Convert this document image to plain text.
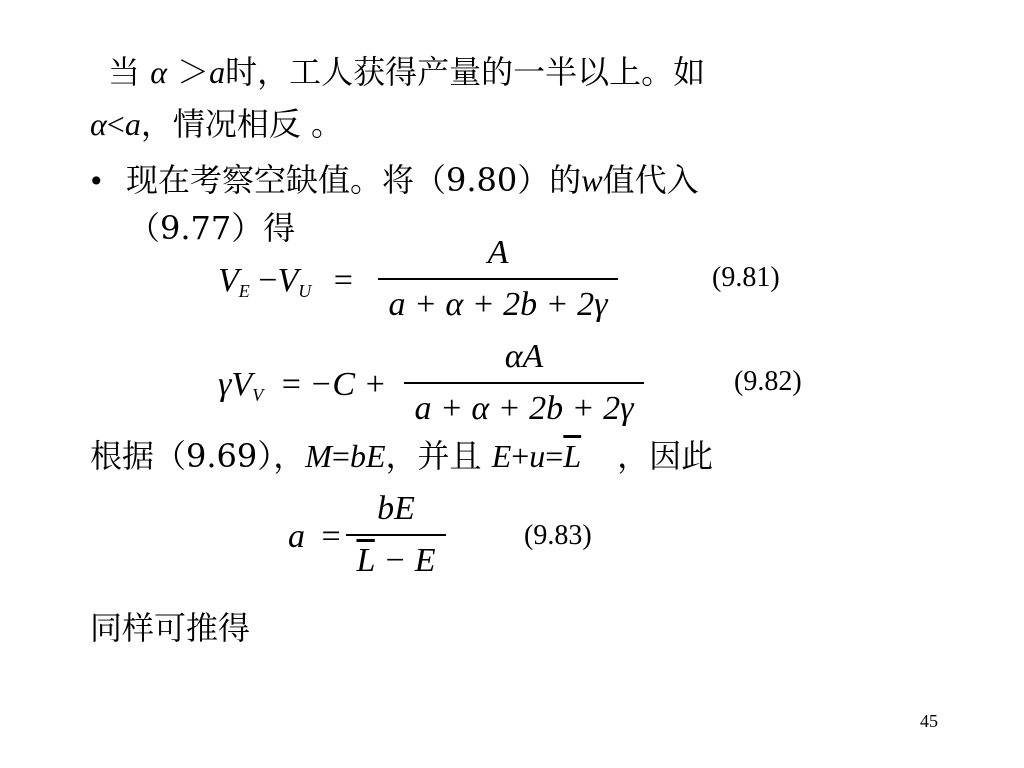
当 α ＞a时，工人获得产量的一半以上。如
α<a，情况相反 。
• 现在考察空缺值。将（9.80）的w值代入
（9.77）得
$V_E -V_U$ =
A
a + α + 2b + 2γ
(9.81)
$\gamma V_V = -C$ +
αA
a + α + 2b + 2γ
(9.82)
根据（9.69），M=bE，并且 $E+u=\overline{L}$ ，因此
a =
bE
$\overline{L} - E$
(9.83)
同样可推得
45
